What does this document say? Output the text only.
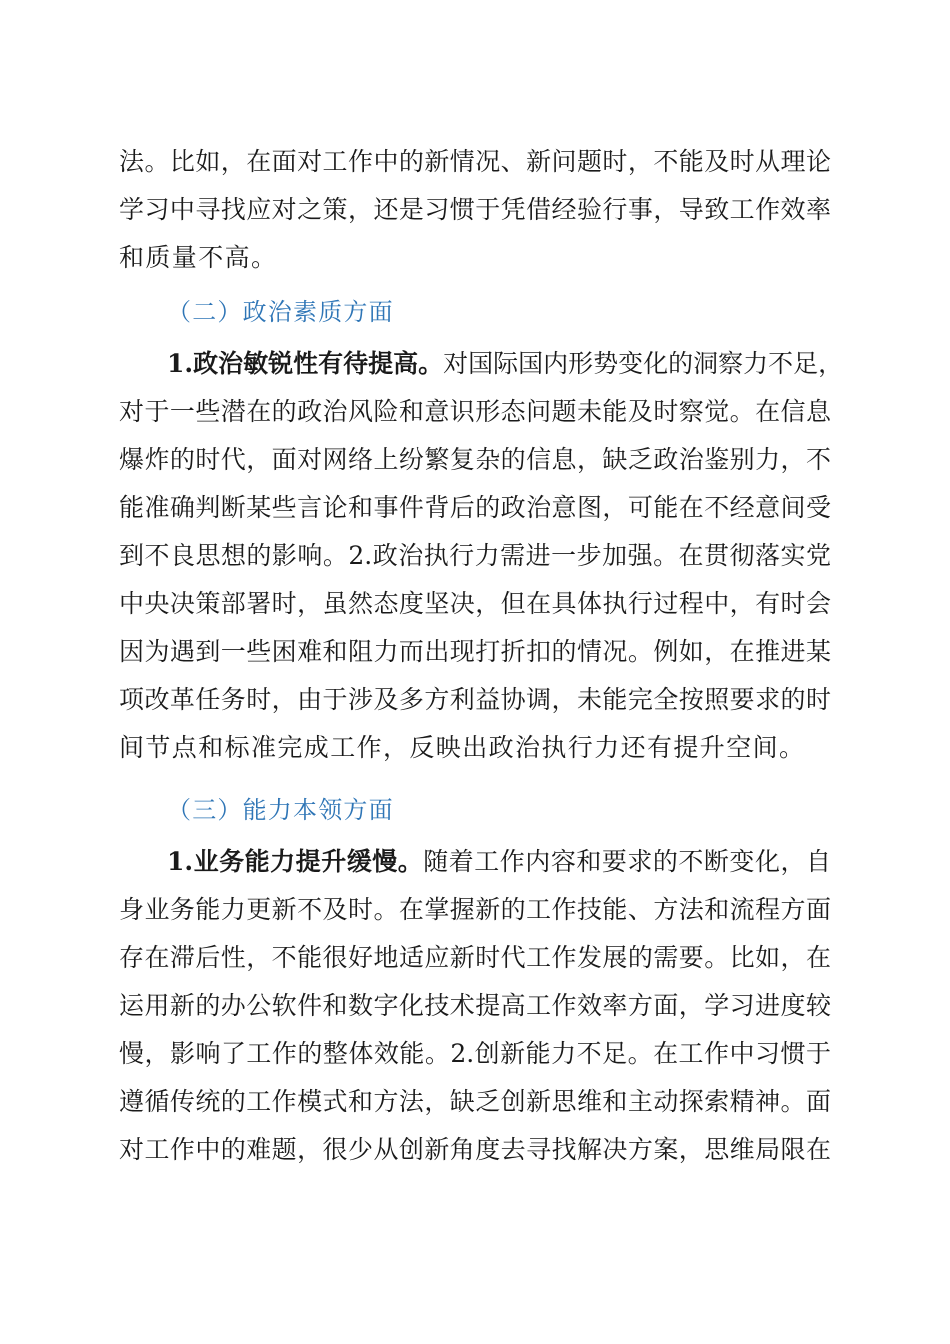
法。比如，在面对工作中的新情况、新问题时，不能及时从理论
学习中寻找应对之策，还是习惯于凭借经验行事，导致工作效率
和质量不高。
（二）政治素质方面
1.政治敏锐性有待提高。对国际国内形势变化的洞察力不足，
对于一些潜在的政治风险和意识形态问题未能及时察觉。在信息
爆炸的时代，面对网络上纷繁复杂的信息，缺乏政治鉴别力，不
能准确判断某些言论和事件背后的政治意图，可能在不经意间受
到不良思想的影响。2.政治执行力需进一步加强。在贯彻落实党
中央决策部署时，虽然态度坚决，但在具体执行过程中，有时会
因为遇到一些困难和阻力而出现打折扣的情况。例如，在推进某
项改革任务时，由于涉及多方利益协调，未能完全按照要求的时
间节点和标准完成工作，反映出政治执行力还有提升空间。
（三）能力本领方面
1.业务能力提升缓慢。随着工作内容和要求的不断变化，自
身业务能力更新不及时。在掌握新的工作技能、方法和流程方面
存在滞后性，不能很好地适应新时代工作发展的需要。比如，在
运用新的办公软件和数字化技术提高工作效率方面，学习进度较
慢，影响了工作的整体效能。2.创新能力不足。在工作中习惯于
遵循传统的工作模式和方法，缺乏创新思维和主动探索精神。面
对工作中的难题，很少从创新角度去寻找解决方案，思维局限在
